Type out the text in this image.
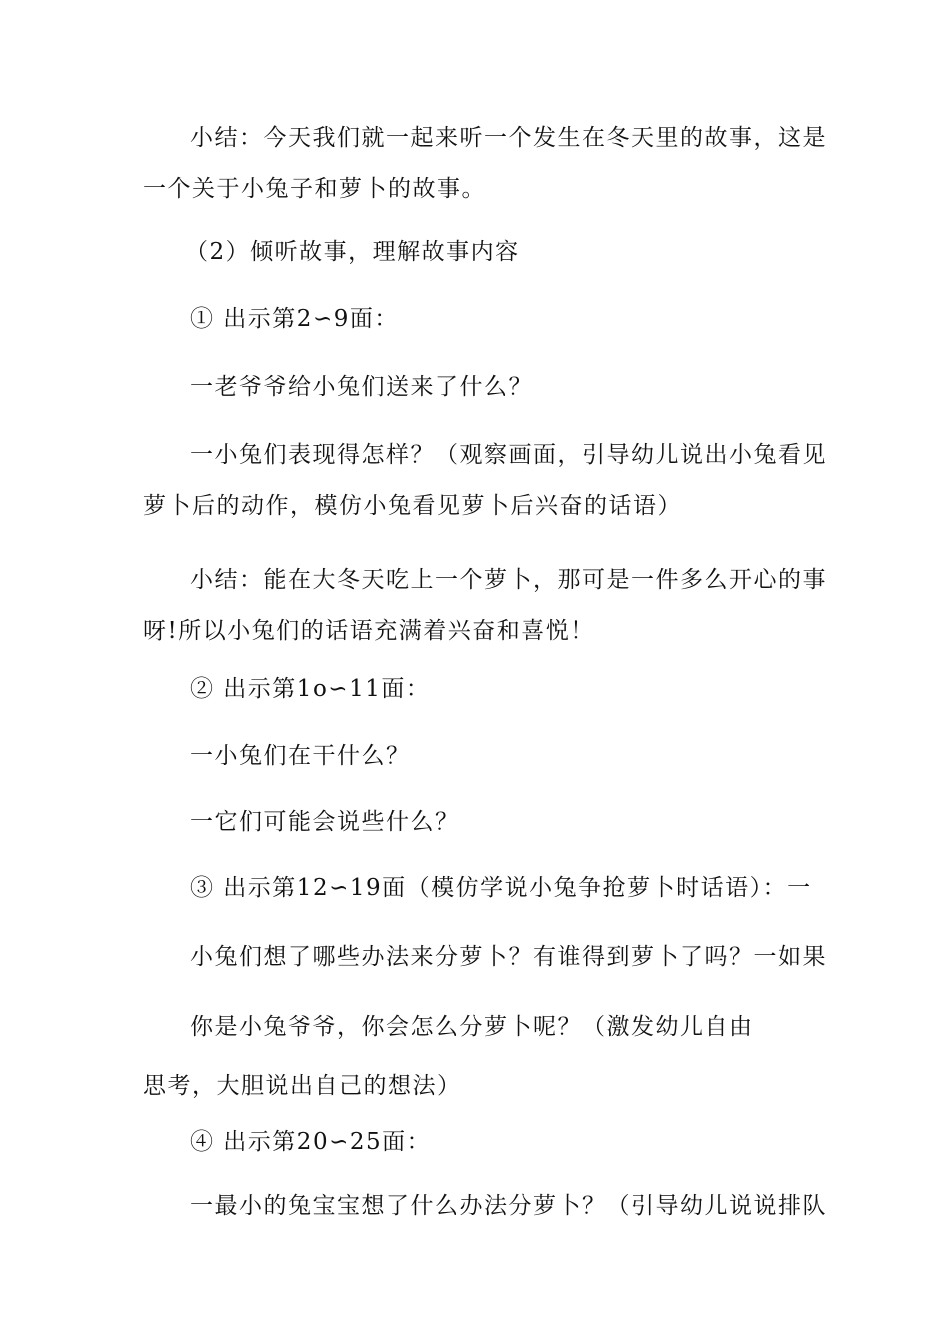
小结：今天我们就一起来听一个发生在冬天里的故事，这是
一个关于小兔子和萝卜的故事。
（2）倾听故事，理解故事内容
① 出示第2∽9面：
一老爷爷给小兔们送来了什么？
一小兔们表现得怎样？（观察画面，引导幼儿说出小兔看见
萝卜后的动作，模仿小兔看见萝卜后兴奋的话语）
小结：能在大冬天吃上一个萝卜，那可是一件多么开心的事
呀!所以小兔们的话语充满着兴奋和喜悦！
② 出示第1o∽11面：
一小兔们在干什么？
一它们可能会说些什么？
③ 出示第12∽19面（模仿学说小兔争抢萝卜时话语）：一
小兔们想了哪些办法来分萝卜？有谁得到萝卜了吗？一如果
你是小兔爷爷，你会怎么分萝卜呢？（激发幼儿自由
思考，大胆说出自己的想法）
④ 出示第20∽25面：
一最小的兔宝宝想了什么办法分萝卜？（引导幼儿说说排队
